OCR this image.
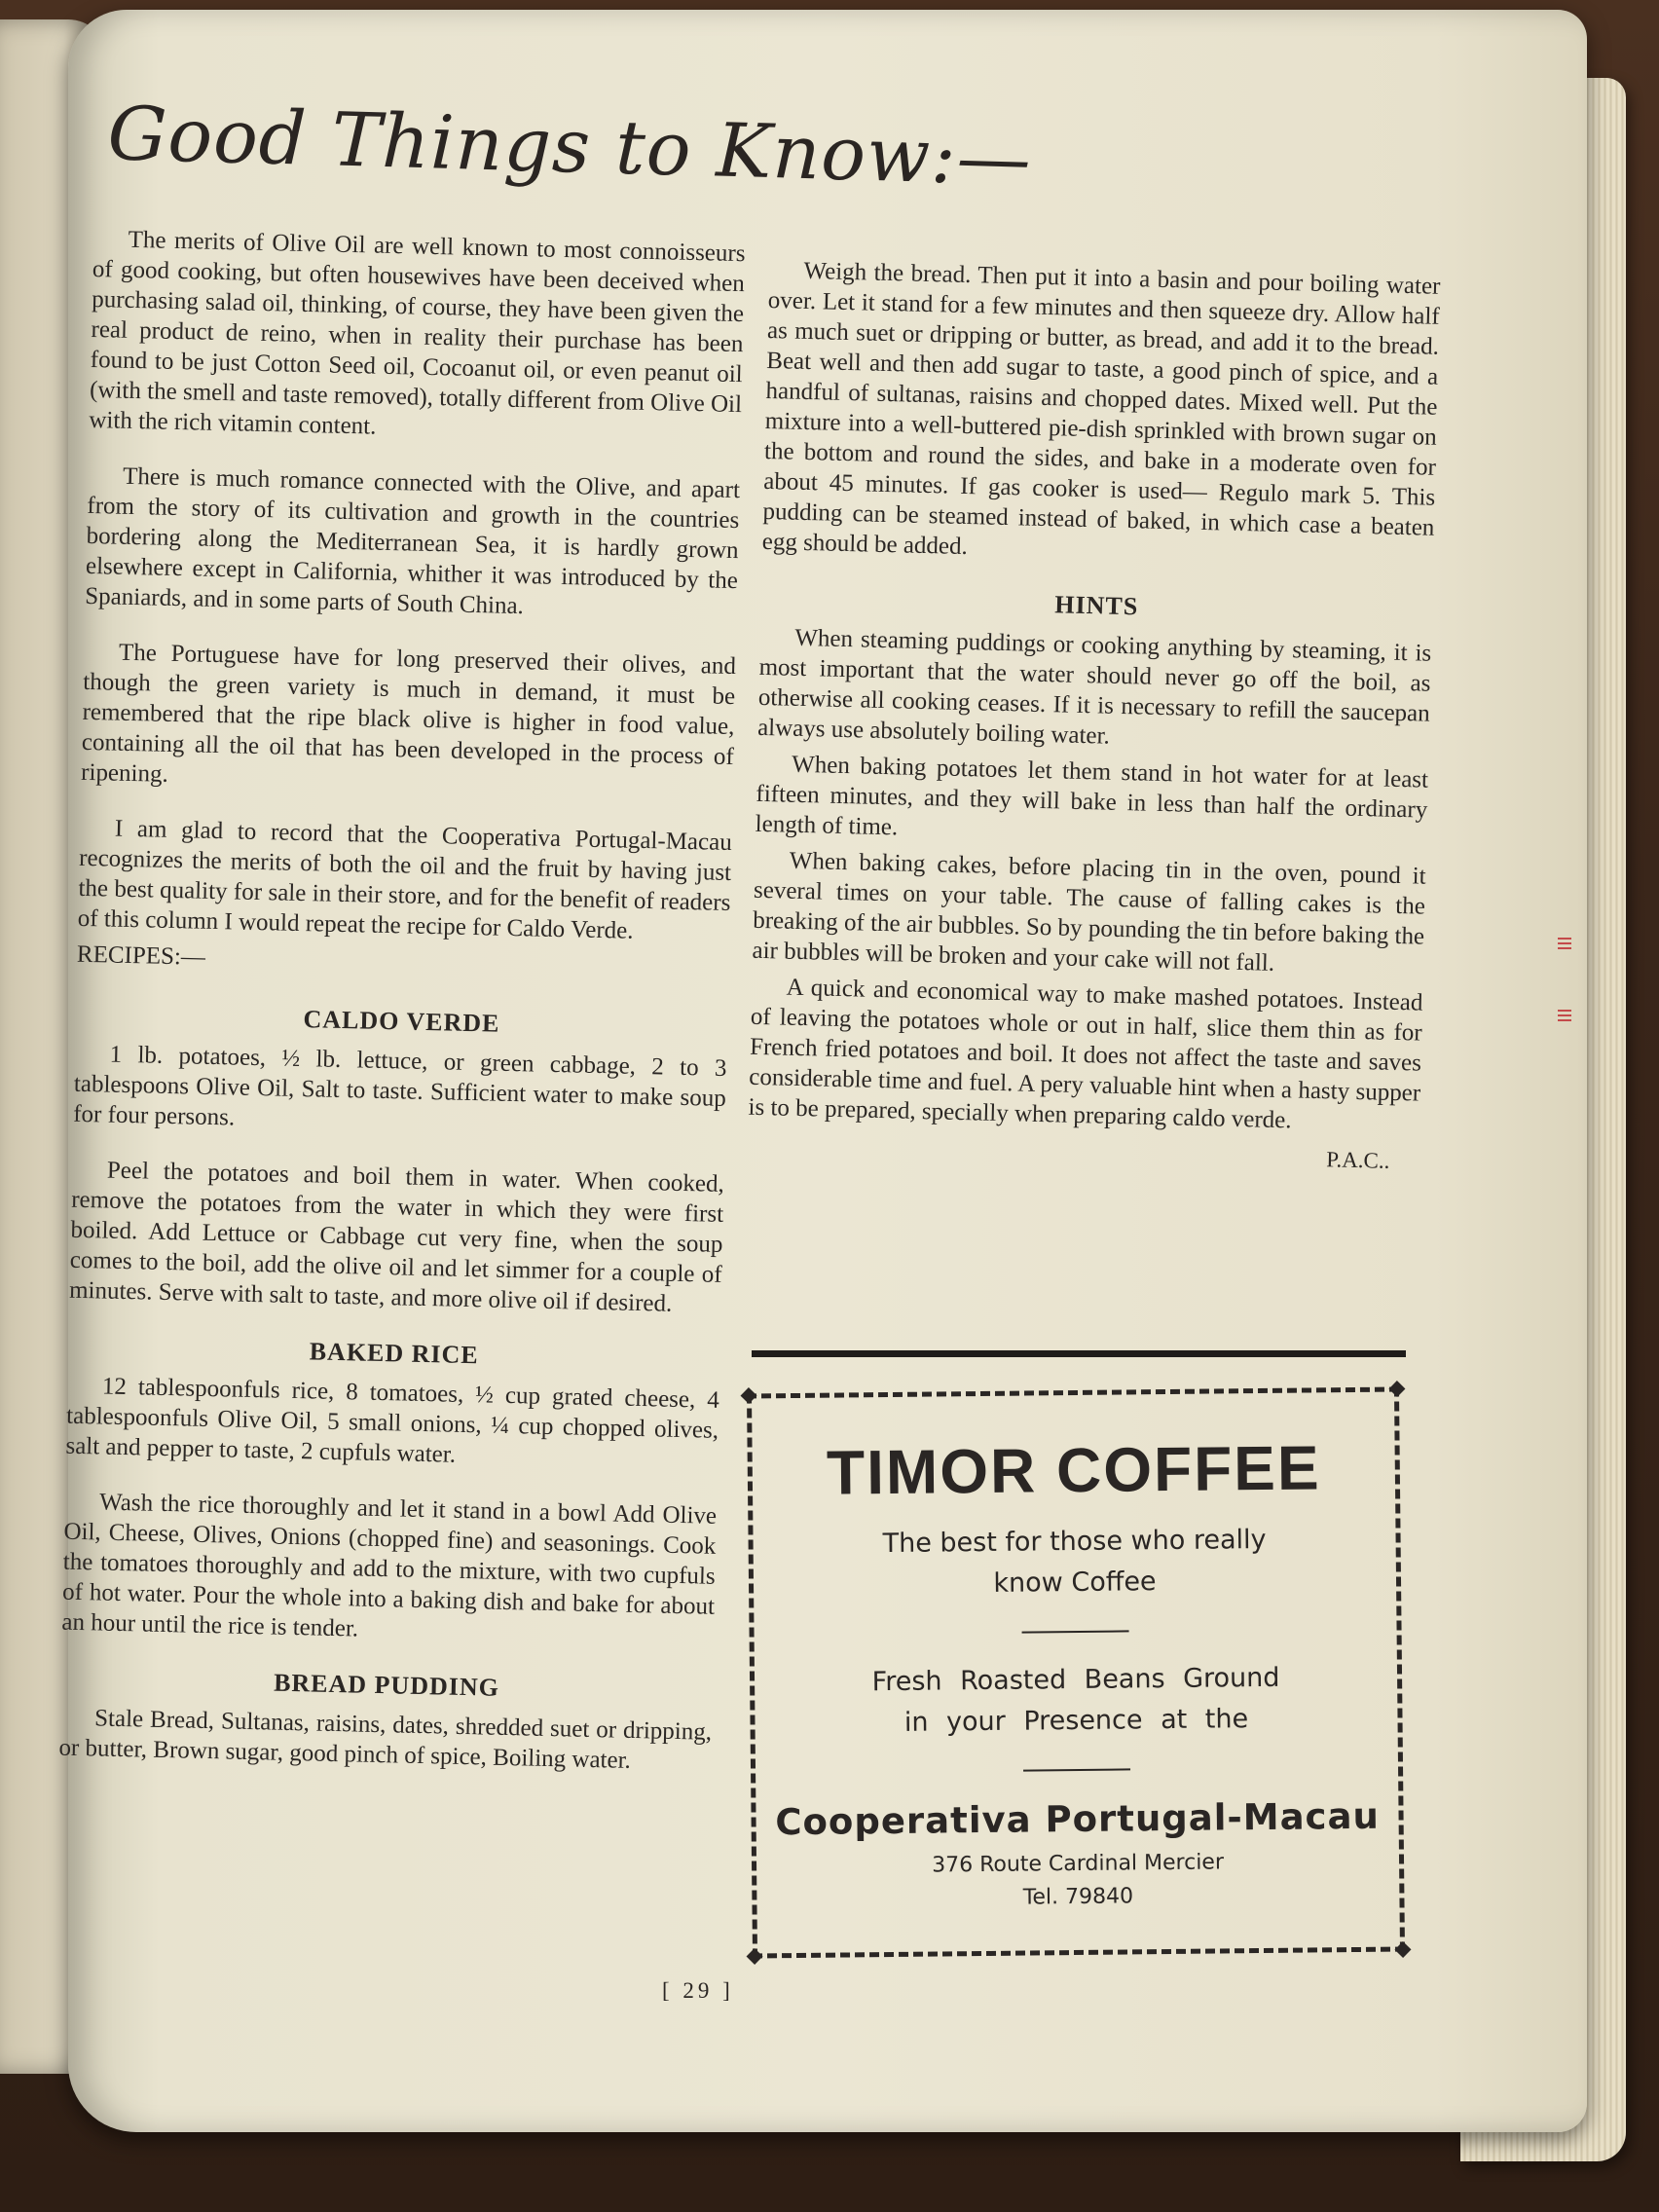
Good Things to Know:—

The merits of Olive Oil are well known to most connoisseurs of good cooking, but often housewives have been deceived when purchasing salad oil, thinking, of course, they have been given the real product de reino, when in reality their purchase has been found to be just Cotton Seed oil, Cocoanut oil, or even peanut oil (with the smell and taste removed), totally different from Olive Oil with the rich vitamin content.

There is much romance connected with the Olive, and apart from the story of its cultivation and growth in the countries bordering along the Mediterranean Sea, it is hardly grown elsewhere except in California, whither it was introduced by the Spaniards, and in some parts of South China.

The Portuguese have for long preserved their olives, and though the green variety is much in demand, it must be remembered that the ripe black olive is higher in food value, containing all the oil that has been developed in the process of ripening.

I am glad to record that the Cooperativa Portugal-Macau recognizes the merits of both the oil and the fruit by having just the best quality for sale in their store, and for the benefit of readers of this column I would repeat the recipe for Caldo Verde.

RECIPES:—

CALDO VERDE

1 lb. potatoes, ½ lb. lettuce, or green cabbage, 2 to 3 tablespoons Olive Oil, Salt to taste. Sufficient water to make soup for four persons.

Peel the potatoes and boil them in water. When cooked, remove the potatoes from the water in which they were first boiled. Add Lettuce or Cabbage cut very fine, when the soup comes to the boil, add the olive oil and let simmer for a couple of minutes. Serve with salt to taste, and more olive oil if desired.

BAKED RICE

12 tablespoonfuls rice, 8 tomatoes, ½ cup grated cheese, 4 tablespoonfuls Olive Oil, 5 small onions, ¼ cup chopped olives, salt and pepper to taste, 2 cupfuls water.

Wash the rice thoroughly and let it stand in a bowl Add Olive Oil, Cheese, Olives, Onions (chopped fine) and seasonings. Cook the tomatoes thoroughly and add to the mixture, with two cupfuls of hot water. Pour the whole into a baking dish and bake for about an hour until the rice is tender.

BREAD PUDDING

Stale Bread, Sultanas, raisins, dates, shredded suet or dripping, or butter, Brown sugar, good pinch of spice, Boiling water.

Weigh the bread. Then put it into a basin and pour boiling water over. Let it stand for a few minutes and then squeeze dry. Allow half as much suet or dripping or butter, as bread, and add it to the bread. Beat well and then add sugar to taste, a good pinch of spice, and a handful of sultanas, raisins and chopped dates. Mixed well. Put the mixture into a well-buttered pie-dish sprinkled with brown sugar on the bottom and round the sides, and bake in a moderate oven for about 45 minutes. If gas cooker is used— Regulo mark 5. This pudding can be steamed instead of baked, in which case a beaten egg should be added.

HINTS

When steaming puddings or cooking anything by steaming, it is most important that the water should never go off the boil, as otherwise all cooking ceases. If it is necessary to refill the saucepan always use absolutely boiling water.

When baking potatoes let them stand in hot water for at least fifteen minutes, and they will bake in less than half the ordinary length of time.

When baking cakes, before placing tin in the oven, pound it several times on your table. The cause of falling cakes is the breaking of the air bubbles. So by pounding the tin before baking the air bubbles will be broken and your cake will not fall.

A quick and economical way to make mashed potatoes. Instead of leaving the potatoes whole or out in half, slice them thin as for French fried potatoes and boil. It does not affect the taste and saves considerable time and fuel. A pery valuable hint when a hasty supper is to be prepared, specially when preparing caldo verde.

P.A.C..
TIMOR COFFEE
The best for those who really
know Coffee
Fresh Roasted Beans Ground
in your Presence at the
Cooperativa Portugal-Macau
376 Route Cardinal Mercier
Tel. 79840
[ 29 ]
